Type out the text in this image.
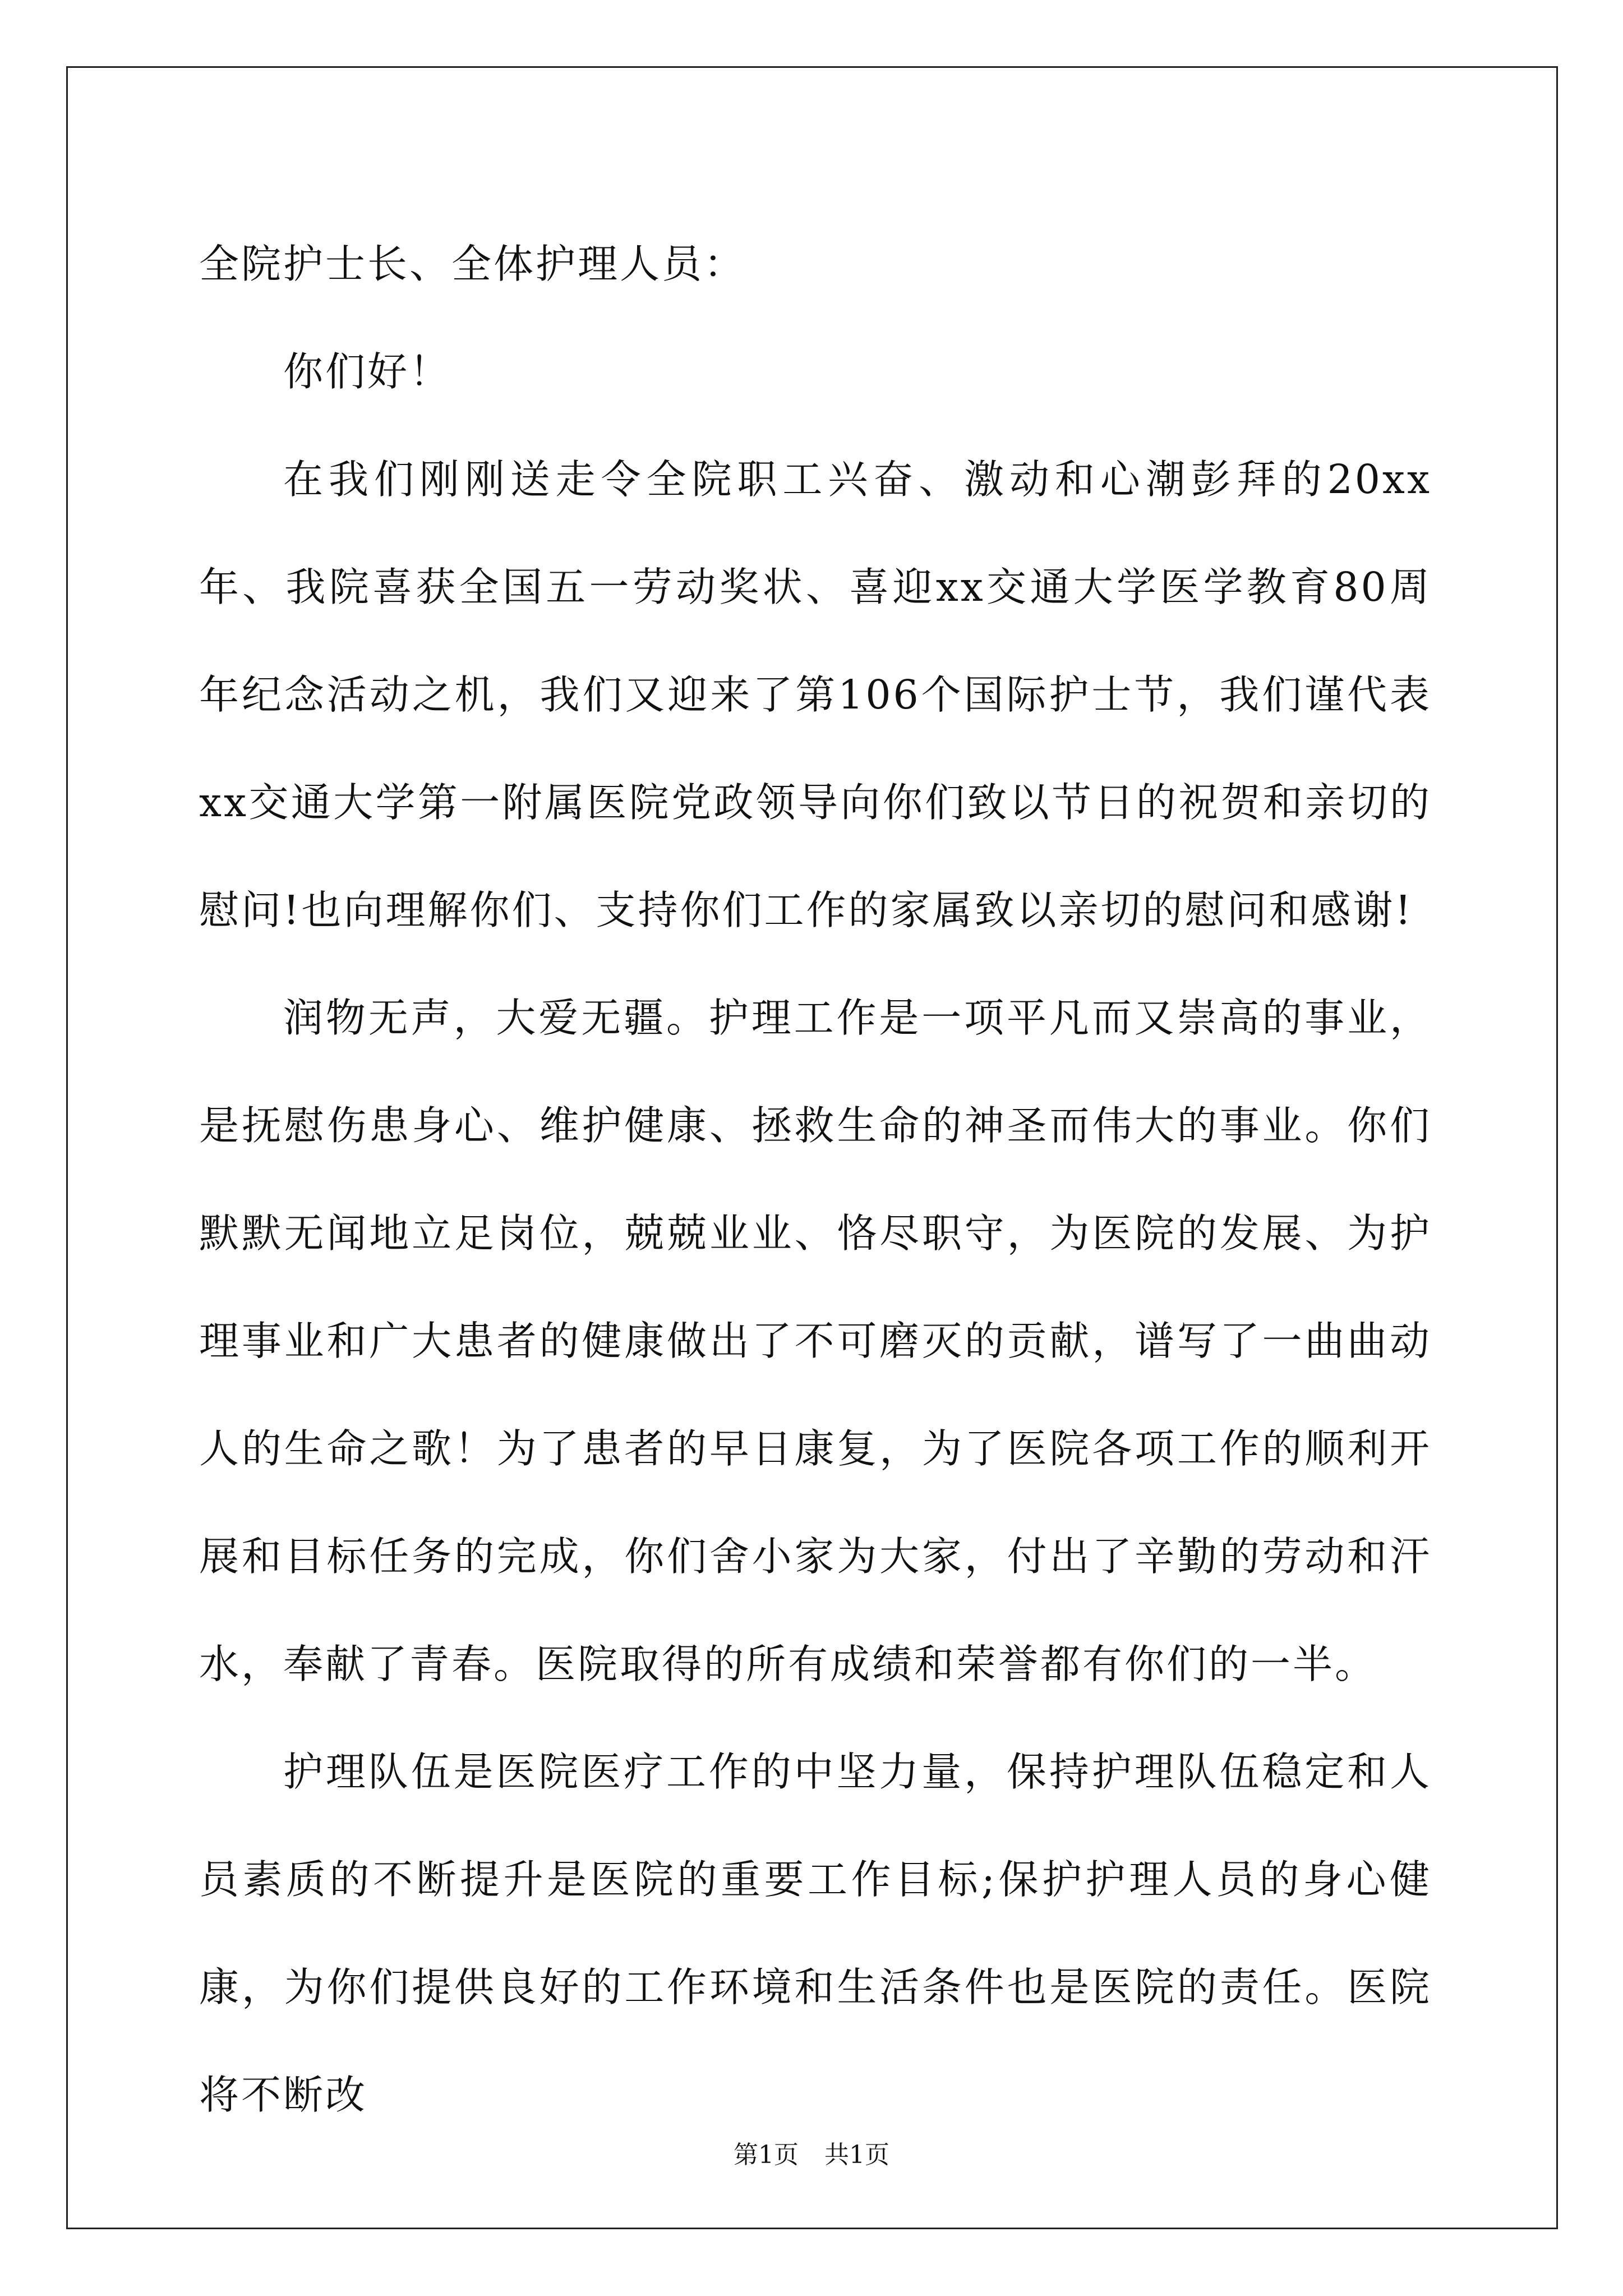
全院护士长、全体护理人员：

你们好！

在我们刚刚送走令全院职工兴奋、激动和心潮彭拜的20xx年、我院喜获全国五一劳动奖状、喜迎xx交通大学医学教育80周年纪念活动之机，我们又迎来了第106个国际护士节，我们谨代表xx交通大学第一附属医院党政领导向你们致以节日的祝贺和亲切的慰问!也向理解你们、支持你们工作的家属致以亲切的慰问和感谢!

润物无声，大爱无疆。护理工作是一项平凡而又崇高的事业，是抚慰伤患身心、维护健康、拯救生命的神圣而伟大的事业。你们默默无闻地立足岗位，兢兢业业、恪尽职守，为医院的发展、为护理事业和广大患者的健康做出了不可磨灭的贡献，谱写了一曲曲动人的生命之歌！为了患者的早日康复，为了医院各项工作的顺利开展和目标任务的完成，你们舍小家为大家，付出了辛勤的劳动和汗水，奉献了青春。医院取得的所有成绩和荣誉都有你们的一半。

护理队伍是医院医疗工作的中坚力量，保持护理队伍稳定和人员素质的不断提升是医院的重要工作目标;保护护理人员的身心健康，为你们提供良好的工作环境和生活条件也是医院的责任。医院将不断改

第1页 共1页
